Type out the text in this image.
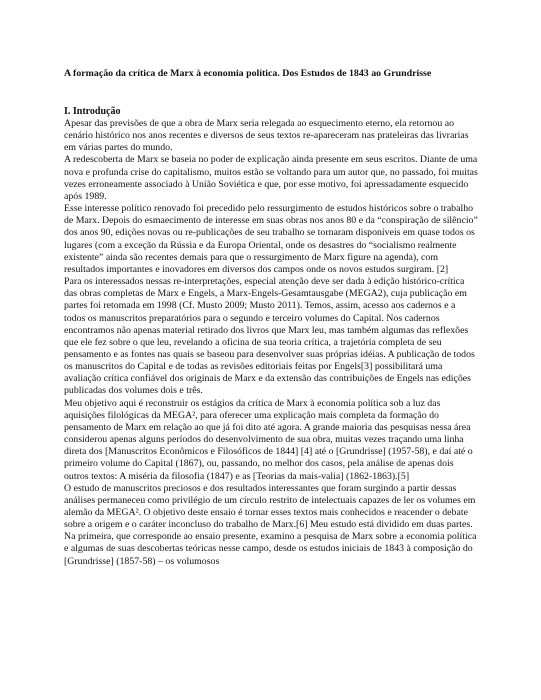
A formação da crítica de Marx à economia política. Dos Estudos de 1843 ao Grundrisse

I. Introdução

Apesar das previsões de que a obra de Marx seria relegada ao esquecimento eterno, ela retornou ao cenário histórico nos anos recentes e diversos de seus textos re-apareceram nas prateleiras das livrarias em várias partes do mundo.

A redescoberta de Marx se baseia no poder de explicação ainda presente em seus escritos. Diante de uma nova e profunda crise do capitalismo, muitos estão se voltando para um autor que, no passado, foi muitas vezes erroneamente associado à União Soviética e que, por esse motivo, foi apressadamente esquecido após 1989.

Esse interesse político renovado foi precedido pelo ressurgimento de estudos históricos sobre o trabalho de Marx. Depois do esmaecimento de interesse em suas obras nos anos 80 e da “conspiração de silêncio” dos anos 90, edições novas ou re-publicações de seu trabalho se tornaram disponíveis em quase todos os lugares (com a exceção da Rússia e da Europa Oriental, onde os desastres do “socialismo realmente existente” ainda são recentes demais para que o ressurgimento de Marx figure na agenda), com resultados importantes e inovadores em diversos dos campos onde os novos estudos surgiram. [2]

Para os interessados nessas re-interpretações, especial atenção deve ser dada à edição histórico-crítica das obras completas de Marx e Engels, a Marx-Engels-Gesamtausgabe (MEGA2), cuja publicação em partes foi retomada em 1998 (Cf. Musto 2009; Musto 2011). Temos, assim, acesso aos cadernos e a todos os manuscritos preparatórios para o segundo e terceiro volumes do Capital. Nos cadernos encontramos não apenas material retirado dos livros que Marx leu, mas também algumas das reflexões que ele fez sobre o que leu, revelando a oficina de sua teoria crítica, a trajetória completa de seu pensamento e as fontes nas quais se baseou para desenvolver suas próprias idéias. A publicação de todos os manuscritos do Capital e de todas as revisões editoriais feitas por Engels[3] possibilitará uma avaliação crítica confiável dos originais de Marx e da extensão das contribuições de Engels nas edições publicadas dos volumes dois e três.

Meu objetivo aqui é reconstruir os estágios da crítica de Marx à economia política sob a luz das aquisições filológicas da MEGA², para oferecer uma explicação mais completa da formação do pensamento de Marx em relação ao que já foi dito até agora. A grande maioria das pesquisas nessa área considerou apenas alguns períodos do desenvolvimento de sua obra, muitas vezes traçando uma linha direta dos [Manuscritos Econômicos e Filosóficos de 1844] [4] até o [Grundrisse] (1957-58), e daí até o primeiro volume do Capital (1867), ou, passando, no melhor dos casos, pela análise de apenas dois outros textos: A miséria da filosofia (1847) e as [Teorias da mais-valia] (1862-1863).[5]

O estudo de manuscritos preciosos e dos resultados interessantes que foram surgindo a partir dessas análises permaneceu como privilégio de um círculo restrito de intelectuais capazes de ler os volumes em alemão da MEGA². O objetivo deste ensaio é tornar esses textos mais conhecidos e reacender o debate sobre a origem e o caráter inconcluso do trabalho de Marx.[6] Meu estudo está dividido em duas partes. Na primeira, que corresponde ao ensaio presente, examino a pesquisa de Marx sobre a economia política e algumas de suas descobertas teóricas nesse campo, desde os estudos iniciais de 1843 à composição do [Grundrisse] (1857-58) – os volumosos
